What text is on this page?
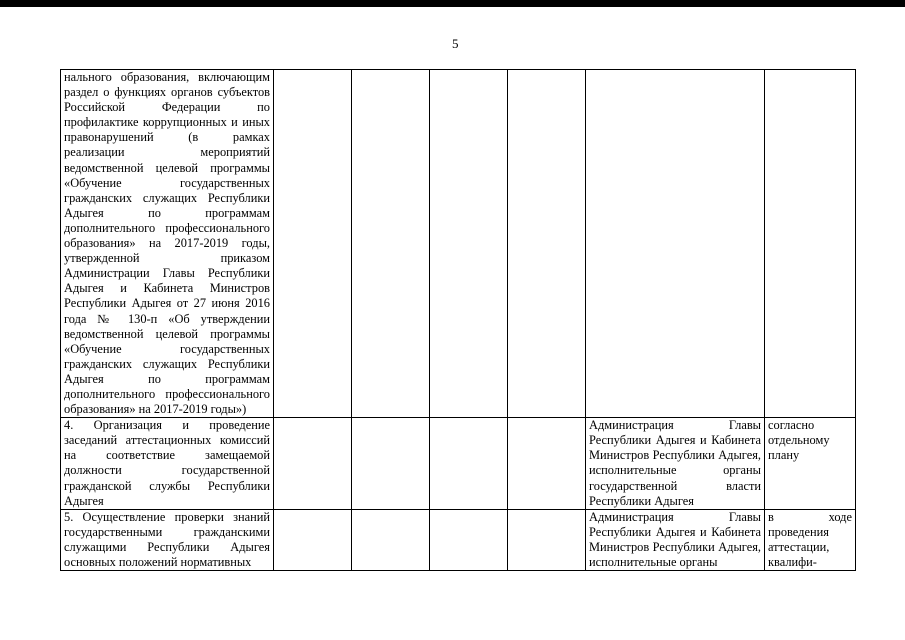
5
нального образования, включающим раздел о функциях органов субъектов Российской Федерации по профилактике коррупционных и иных правонарушений (в рамках реализации мероприятий ведомственной целевой программы «Обучение государственных гражданских служащих Республики Адыгея по программам дополнительного профессионального образования» на 2017-2019 годы, утвержденной приказом Администрации Главы Республики Адыгея и Кабинета Министров Республики Адыгея от 27 июня 2016 года № 130-п «Об утверждении ведомственной целевой программы «Обучение государственных гражданских служащих Республики Адыгея по программам дополнительного профессионального образования» на 2017-2019 годы»)						
4. Организация и проведение заседаний аттестационных комиссий на соответствие замещаемой должности государственной гражданской службы Республики Адыгея					Администрация Главы Республики Адыгея и Кабинета Министров Республики Адыгея, исполнительные органы государственной власти Республики Адыгея	согласно отдельному плану
5. Осуществление проверки знаний государственными гражданскими служащими Республики Адыгея основных положений нормативных					Администрация Главы Республики Адыгея и Кабинета Министров Республики Адыгея, исполнительные органы	в ходе проведения аттестации, квалифи-
